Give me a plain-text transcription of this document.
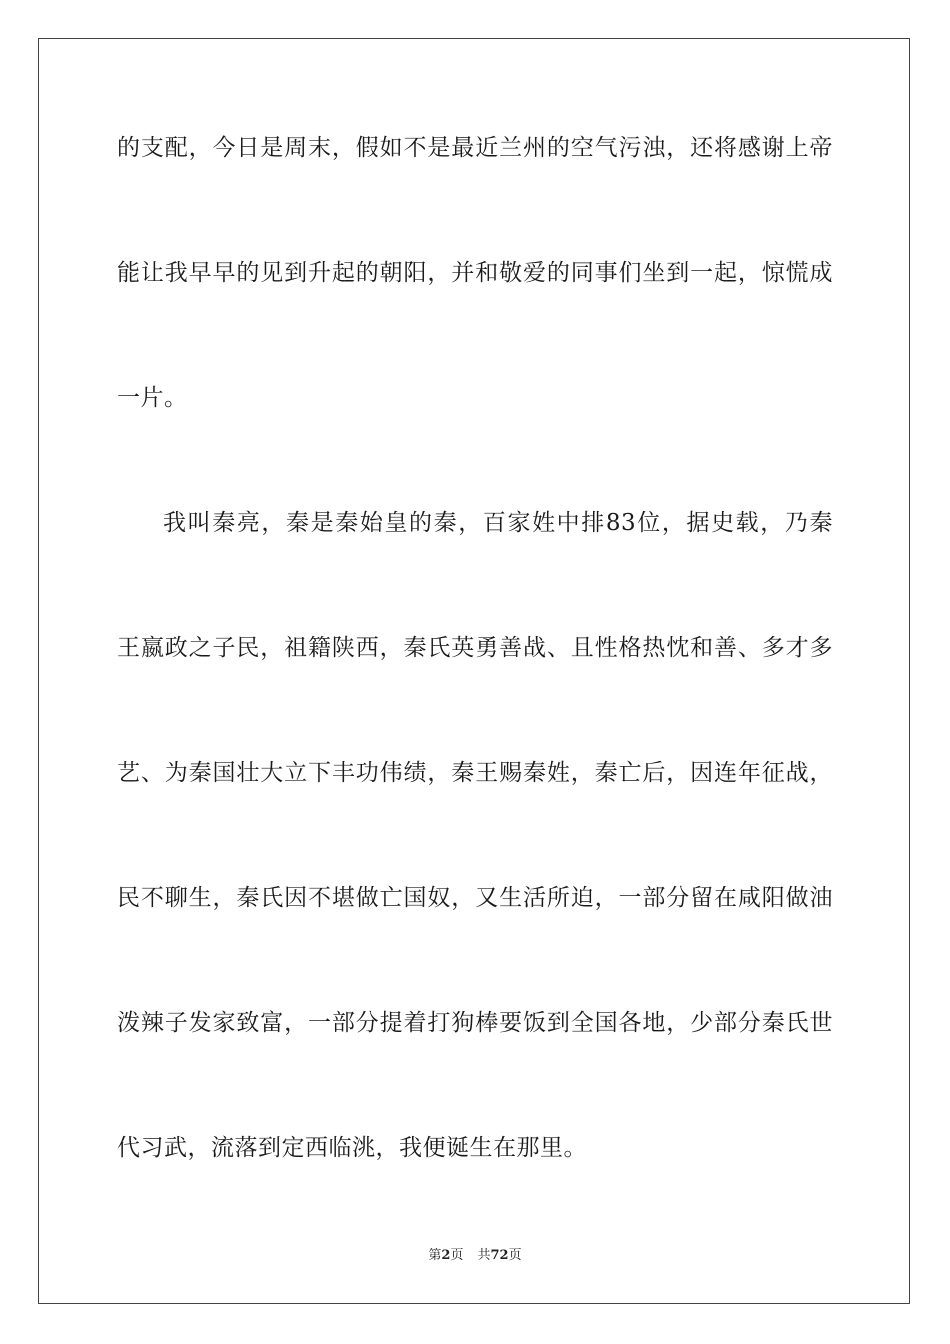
的支配，今日是周末，假如不是最近兰州的空气污浊，还将感谢上帝
能让我早早的见到升起的朝阳，并和敬爱的同事们坐到一起，惊慌成
一片。
我叫秦亮，秦是秦始皇的秦，百家姓中排83位，据史载，乃秦
王嬴政之子民，祖籍陕西，秦氏英勇善战、且性格热忱和善、多才多
艺、为秦国壮大立下丰功伟绩，秦王赐秦姓，秦亡后，因连年征战，
民不聊生，秦氏因不堪做亡国奴，又生活所迫，一部分留在咸阳做油
泼辣子发家致富，一部分提着打狗棒要饭到全国各地，少部分秦氏世
代习武，流落到定西临洮，我便诞生在那里。
第2页 共72页
